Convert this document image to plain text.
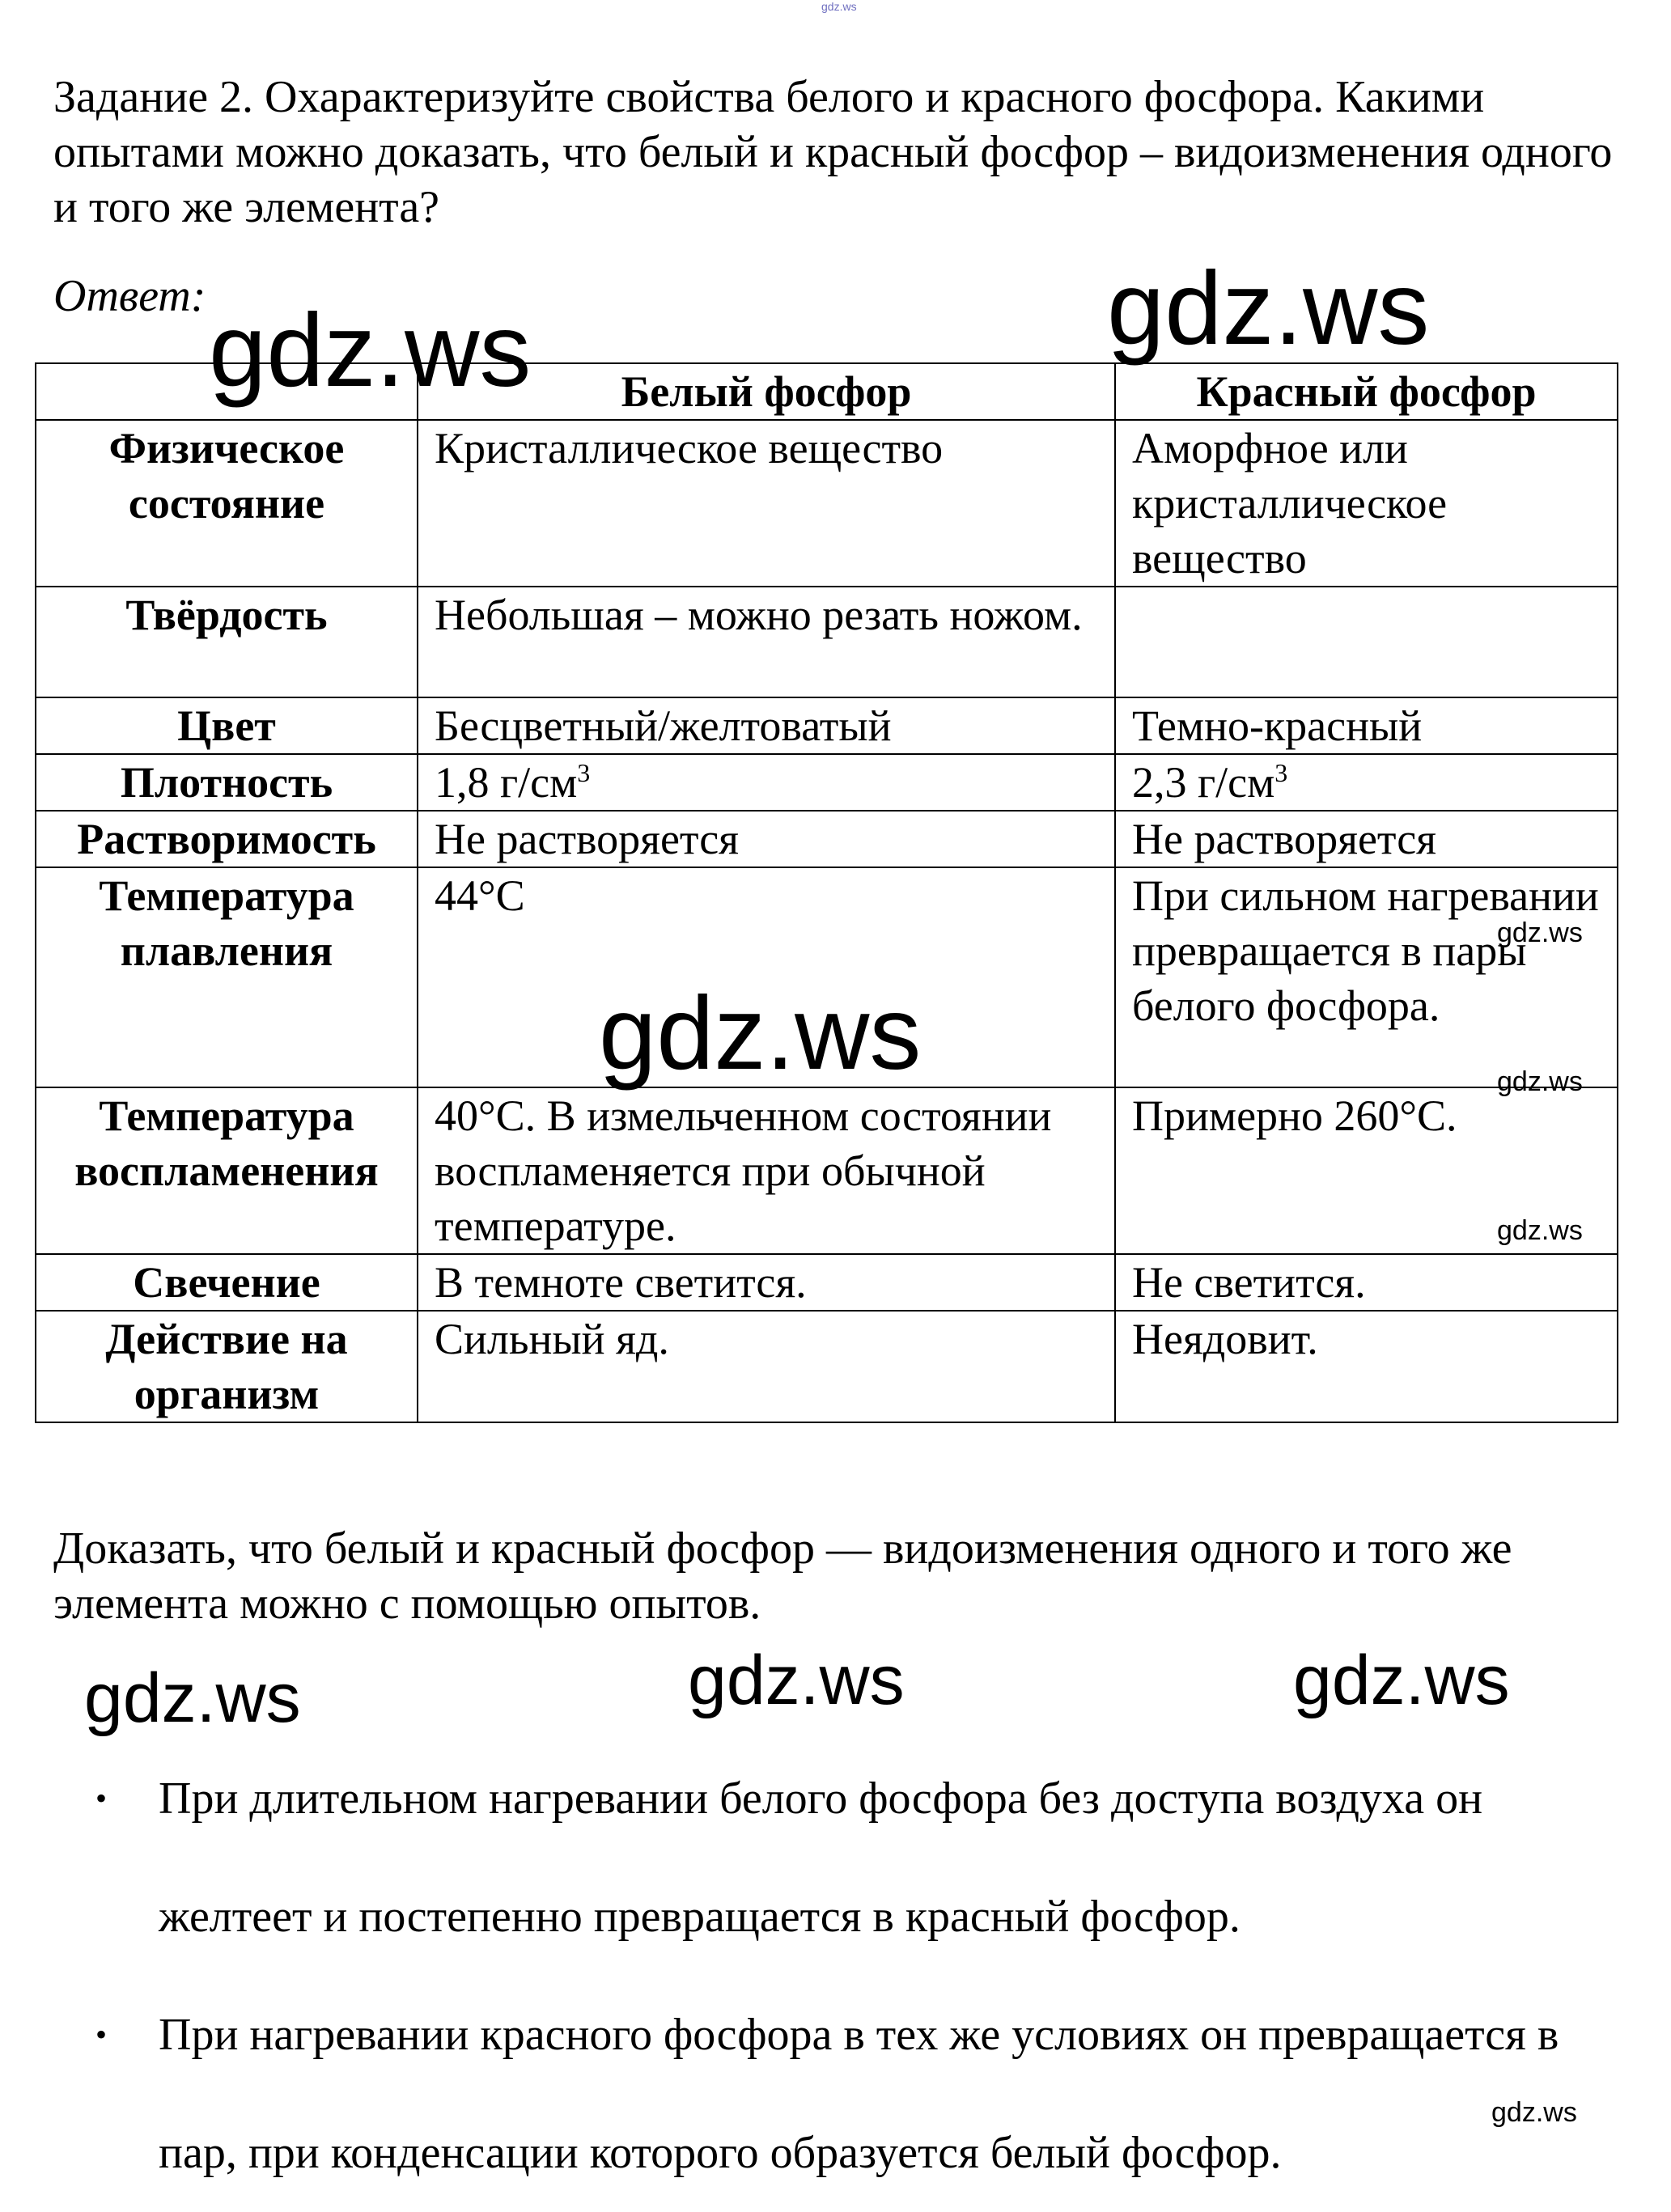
gdz.ws
Задание 2. Охарактеризуйте свойства белого и красного фосфора. Какими опытами можно доказать, что белый и красный фосфор – видоизменения одного и того же элемента?
Ответ:
	Белый фосфор	Красный фосфор
Физическое состояние	Кристаллическое вещество	Аморфное или кристаллическое вещество
Твёрдость	Небольшая – можно резать ножом.	
Цвет	Бесцветный/желтоватый	Темно-красный
Плотность	1,8 $г/см^3$	2,3 $г/см^3$
Растворимость	Не растворяется	Не растворяется
Температура плавления	44°C	При сильном нагревании превращается в пары белого фосфора.
Температура воспламенения	40°C. В измельченном состоянии воспламеняется при обычной температуре.	Примерно 260°C.
Свечение	В темноте светится.	Не светится.
Действие на организм	Сильный яд.	Неядовит.
Доказать, что белый и красный фосфор — видоизменения одного и того же элемента можно с помощью опытов.
• При длительном нагревании белого фосфора без доступа воздуха он желтеет и постепенно превращается в красный фосфор.
• При нагревании красного фосфора в тех же условиях он превращается в пар, при конденсации которого образуется белый фосфор.
gdz.ws	gdz.ws
gdz.ws
gdz.ws
gdz.ws
gdz.ws
gdz.ws	gdz.ws	gdz.ws
gdz.ws
